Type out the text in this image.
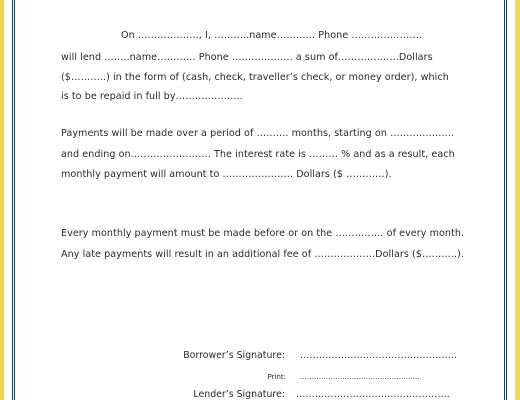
On ………………., I, ………..name………… Phone ………………….
will lend ……..name………… Phone ………………. a sum of……………….Dollars
($………..) in the form of (cash, check, traveller’s check, or money order), which
is to be repaid in full by………………...
Payments will be made over a period of ………. months, starting on ………………..
and ending on……………………. The interest rate is ……… % and as a result, each
monthly payment will amount to …………………. Dollars ($ …………).
Every monthly payment must be made before or on the …………… of every month.
Any late payments will result in an additional fee of ……………….Dollars ($………..).
Borrower’s Signature: …………………………………………..
Print: ……………………………………………
Lender’s Signature: ………………………………………….
